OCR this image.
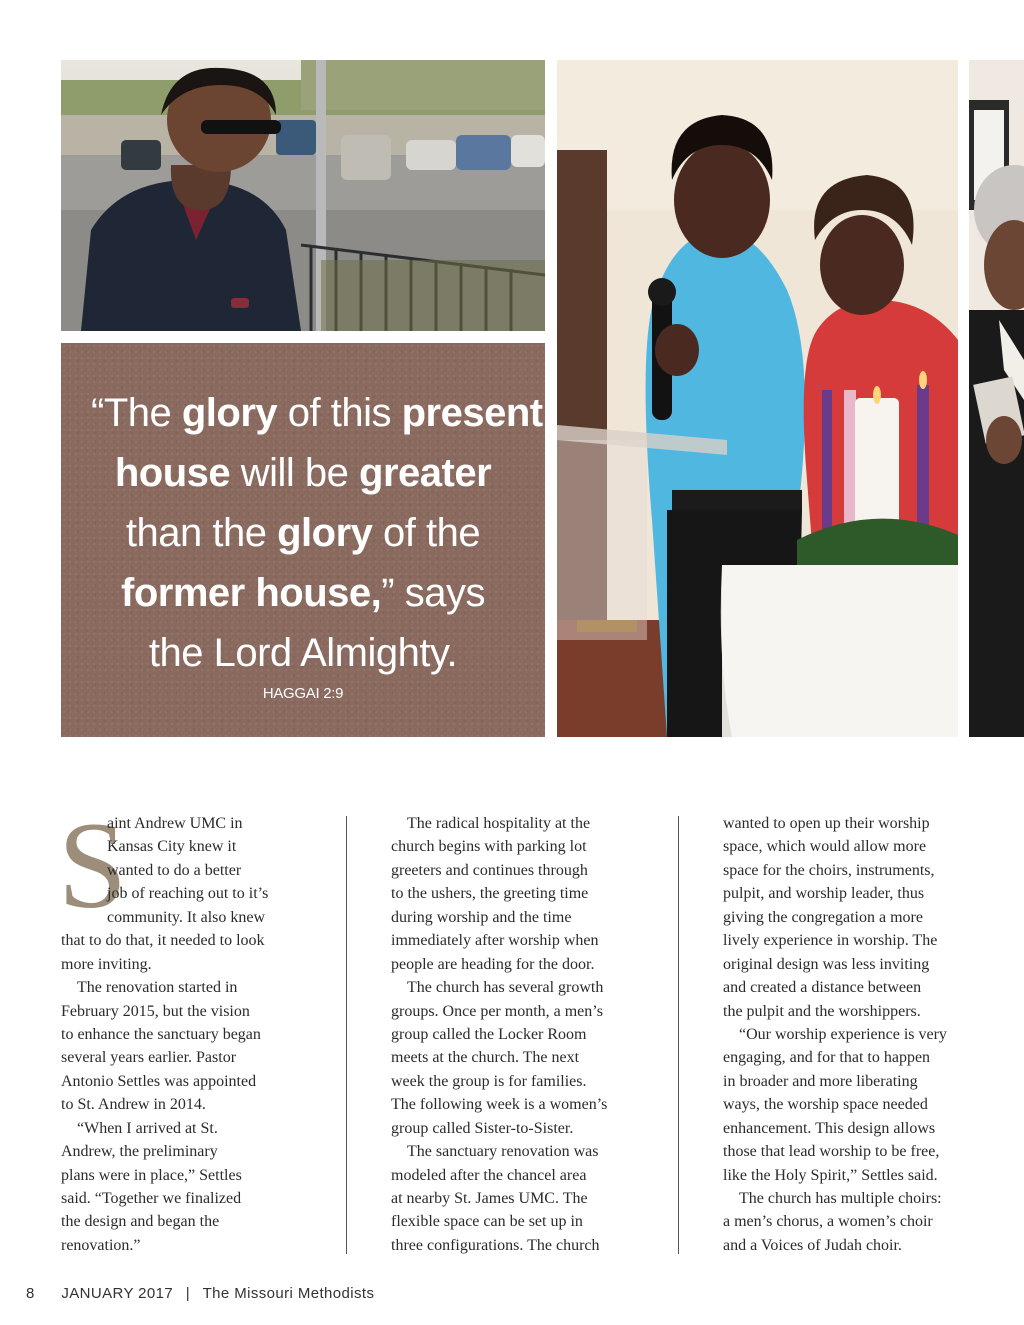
“The glory of this present
house will be greater
than the glory of the
former house,” says
the Lord Almighty.
HAGGAI 2:9
S
aint Andrew UMC in
Kansas City knew it
wanted to do a better
job of reaching out to it’s
community. It also knew
that to do that, it needed to look
more inviting.
The renovation started in
February 2015, but the vision
to enhance the sanctuary began
several years earlier. Pastor
Antonio Settles was appointed
to St. Andrew in 2014.
“When I arrived at St.
Andrew, the preliminary
plans were in place,” Settles
said. “Together we finalized
the design and began the
renovation.”
The radical hospitality at the
church begins with parking lot
greeters and continues through
to the ushers, the greeting time
during worship and the time
immediately after worship when
people are heading for the door.
The church has several growth
groups. Once per month, a men’s
group called the Locker Room
meets at the church. The next
week the group is for families.
The following week is a women’s
group called Sister-to-Sister.
The sanctuary renovation was
modeled after the chancel area
at nearby St. James UMC. The
flexible space can be set up in
three configurations. The church
wanted to open up their worship
space, which would allow more
space for the choirs, instruments,
pulpit, and worship leader, thus
giving the congregation a more
lively experience in worship. The
original design was less inviting
and created a distance between
the pulpit and the worshippers.
“Our worship experience is very
engaging, and for that to happen
in broader and more liberating
ways, the worship space needed
enhancement. This design allows
those that lead worship to be free,
like the Holy Spirit,” Settles said.
The church has multiple choirs:
a men’s chorus, a women’s choir
and a Voices of Judah choir.
8 JANUARY 2017 | The Missouri Methodists
